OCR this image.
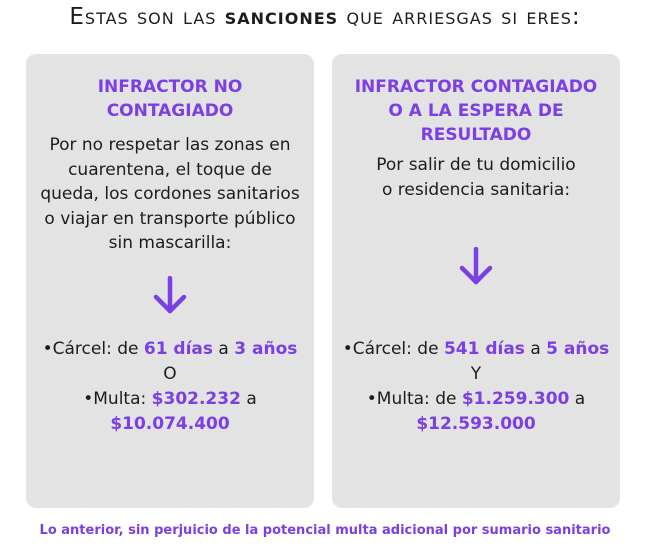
Estas son las sanciones que arriesgas si eres:
INFRACTOR NO
CONTAGIADO
Por no respetar las zonas en
cuarentena, el toque de
queda, los cordones sanitarios
o viajar en transporte público
sin mascarilla:
•Cárcel: de 61 días a 3 años
O
•Multa: $302.232 a
$10.074.400
INFRACTOR CONTAGIADO
O A LA ESPERA DE
RESULTADO
Por salir de tu domicilio
o residencia sanitaria:
•Cárcel: de 541 días a 5 años
Y
•Multa: de $1.259.300 a
$12.593.000
Lo anterior, sin perjuicio de la potencial multa adicional por sumario sanitario
